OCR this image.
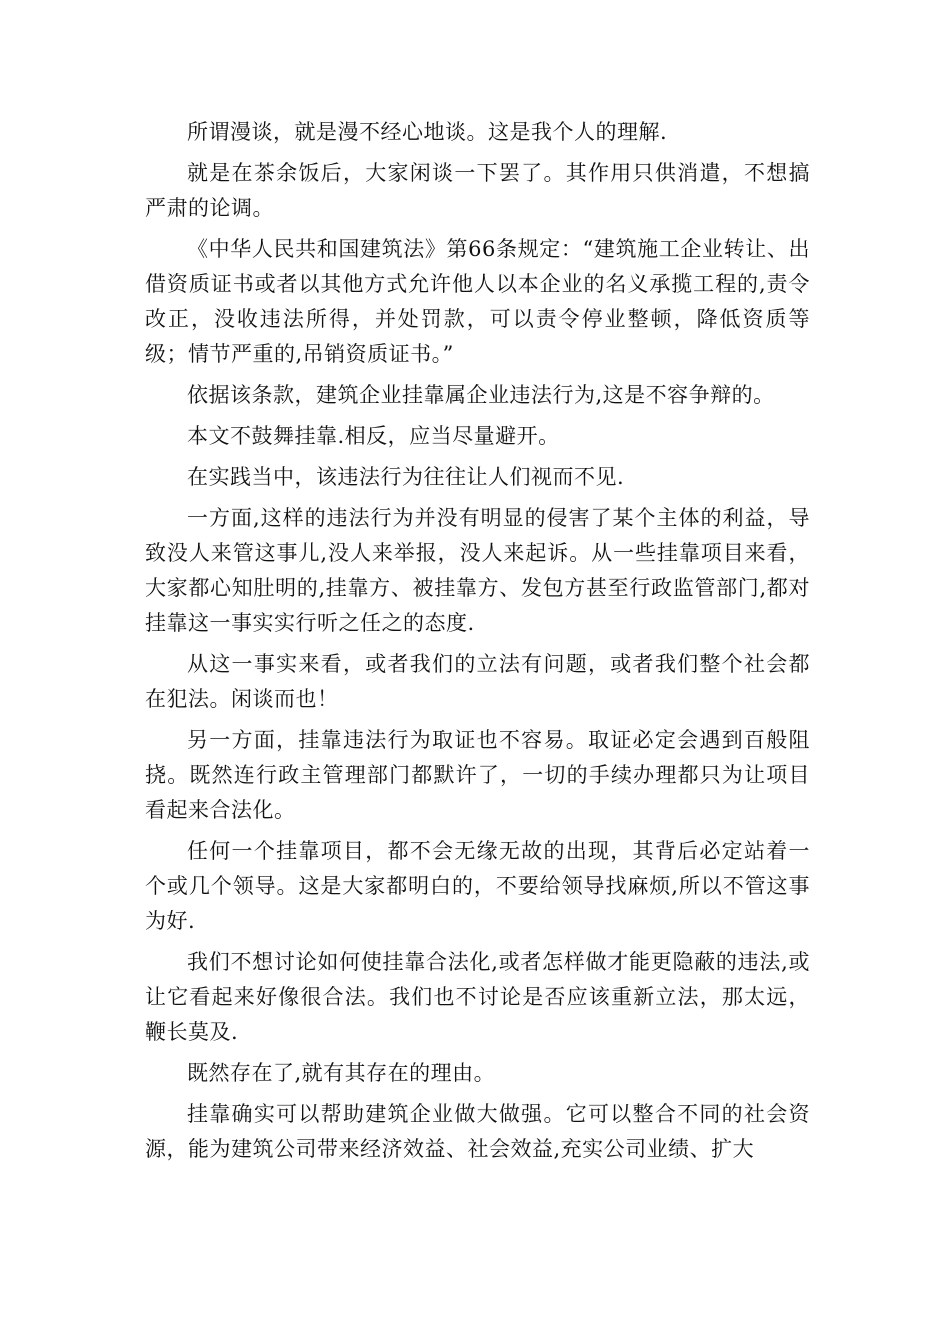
所谓漫谈，就是漫不经心地谈。这是我个人的理解.

就是在茶余饭后，大家闲谈一下罢了。其作用只供消遣，不想搞严肃的论调。

《中华人民共和国建筑法》第66条规定：“建筑施工企业转让、出借资质证书或者以其他方式允许他人以本企业的名义承揽工程的,责令改正，没收违法所得，并处罚款，可以责令停业整顿，降低资质等级；情节严重的,吊销资质证书。”

依据该条款，建筑企业挂靠属企业违法行为,这是不容争辩的。

本文不鼓舞挂靠.相反，应当尽量避开。

在实践当中，该违法行为往往让人们视而不见.

一方面,这样的违法行为并没有明显的侵害了某个主体的利益，导致没人来管这事儿,没人来举报，没人来起诉。从一些挂靠项目来看，大家都心知肚明的,挂靠方、被挂靠方、发包方甚至行政监管部门,都对挂靠这一事实实行听之任之的态度.

从这一事实来看，或者我们的立法有问题，或者我们整个社会都在犯法。闲谈而也！

另一方面，挂靠违法行为取证也不容易。取证必定会遇到百般阻挠。既然连行政主管理部门都默许了，一切的手续办理都只为让项目看起来合法化。

任何一个挂靠项目，都不会无缘无故的出现，其背后必定站着一个或几个领导。这是大家都明白的，不要给领导找麻烦,所以不管这事为好.

我们不想讨论如何使挂靠合法化,或者怎样做才能更隐蔽的违法,或让它看起来好像很合法。我们也不讨论是否应该重新立法，那太远，鞭长莫及.

既然存在了,就有其存在的理由。

挂靠确实可以帮助建筑企业做大做强。它可以整合不同的社会资源，能为建筑公司带来经济效益、社会效益,充实公司业绩、扩大
